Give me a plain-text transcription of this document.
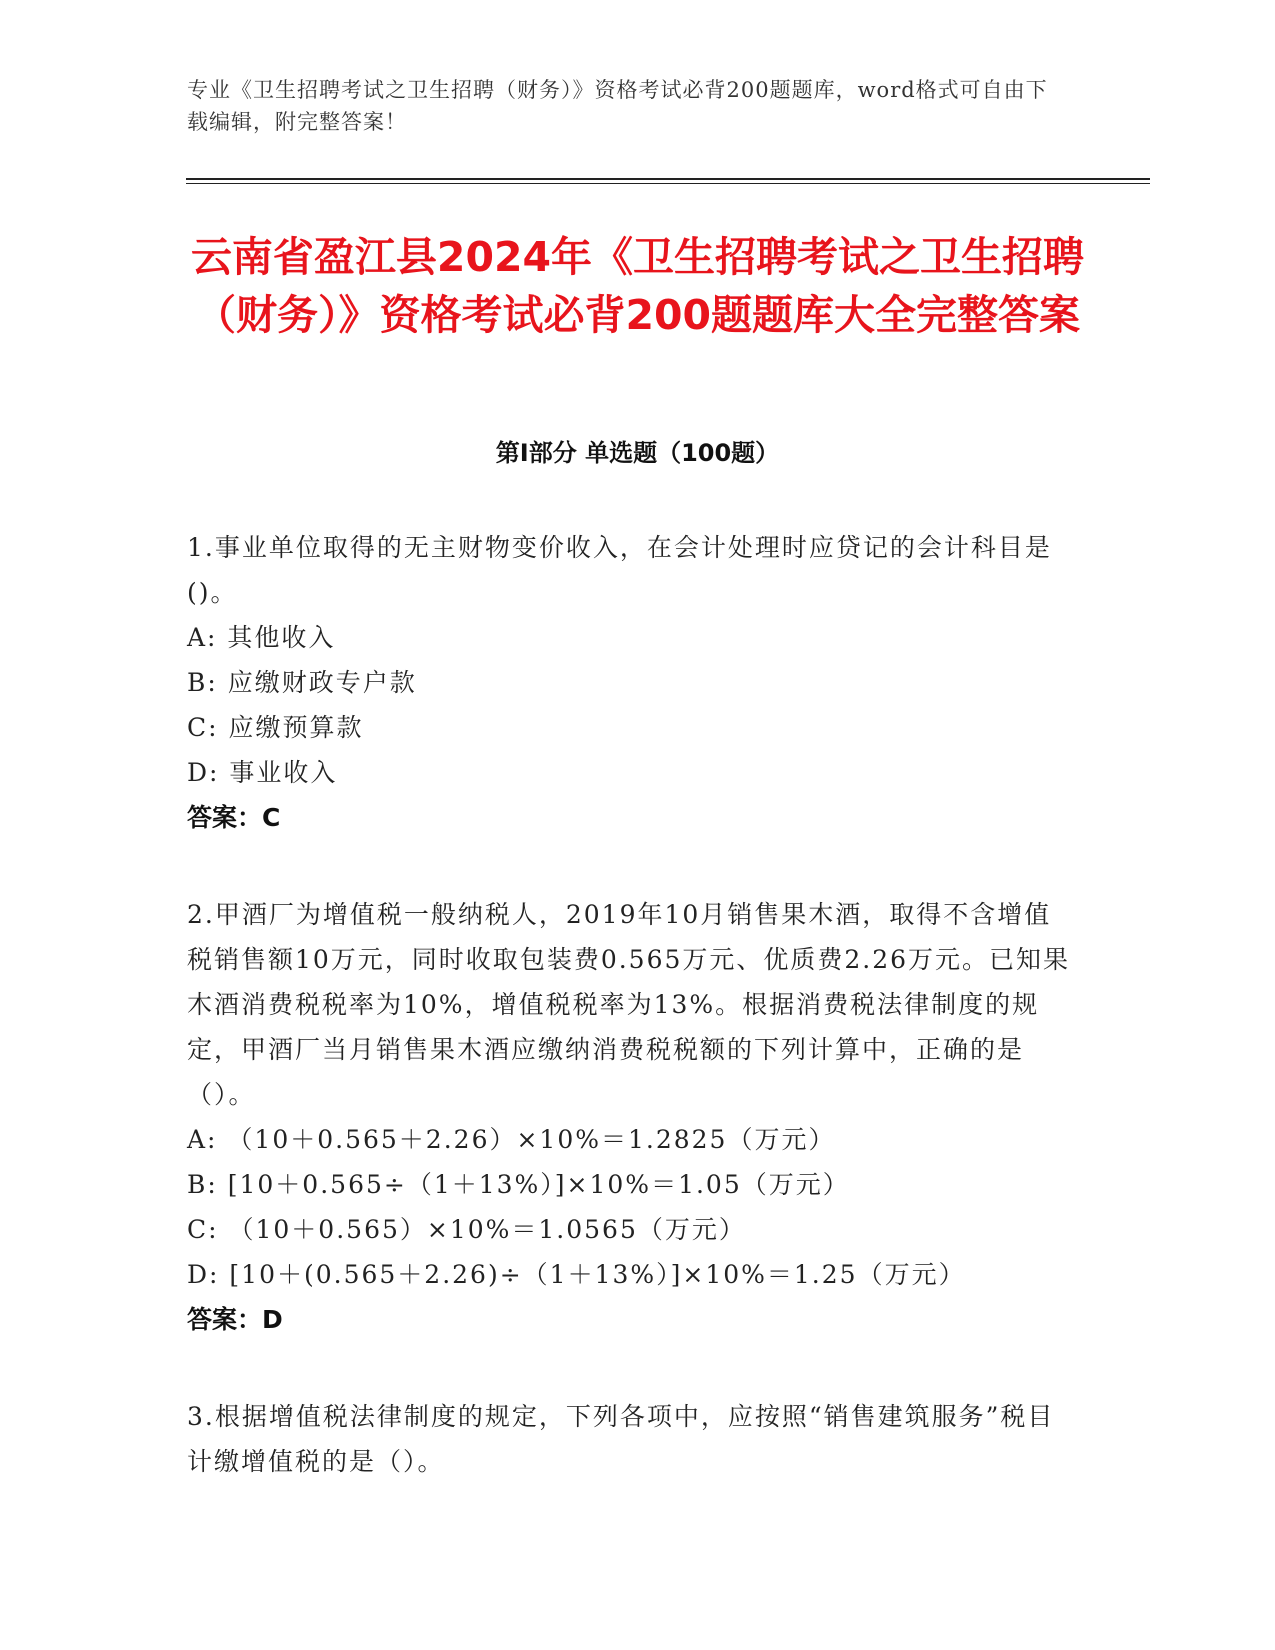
专业《卫生招聘考试之卫生招聘（财务）》资格考试必背200题题库，word格式可自由下载编辑，附完整答案！
云南省盈江县2024年《卫生招聘考试之卫生招聘（财务）》资格考试必背200题题库大全完整答案
第I部分 单选题（100题）

1.事业单位取得的无主财物变价收入，在会计处理时应贷记的会计科目是()。

A: 其他收入

B: 应缴财政专户款

C: 应缴预算款

D: 事业收入

答案：C

2.甲酒厂为增值税一般纳税人，2019年10月销售果木酒，取得不含增值税销售额10万元，同时收取包装费0.565万元、优质费2.26万元。已知果木酒消费税税率为10%，增值税税率为13%。根据消费税法律制度的规定，甲酒厂当月销售果木酒应缴纳消费税税额的下列计算中，正确的是（）。

A: （10＋0.565＋2.26）×10%＝1.2825（万元）

B: [10＋0.565÷（1＋13%）]×10%＝1.05（万元）

C: （10＋0.565）×10%＝1.0565（万元）

D: [10＋(0.565＋2.26)÷（1＋13%）]×10%＝1.25（万元）

答案：D

3.根据增值税法律制度的规定，下列各项中，应按照“销售建筑服务”税目计缴增值税的是（）。
